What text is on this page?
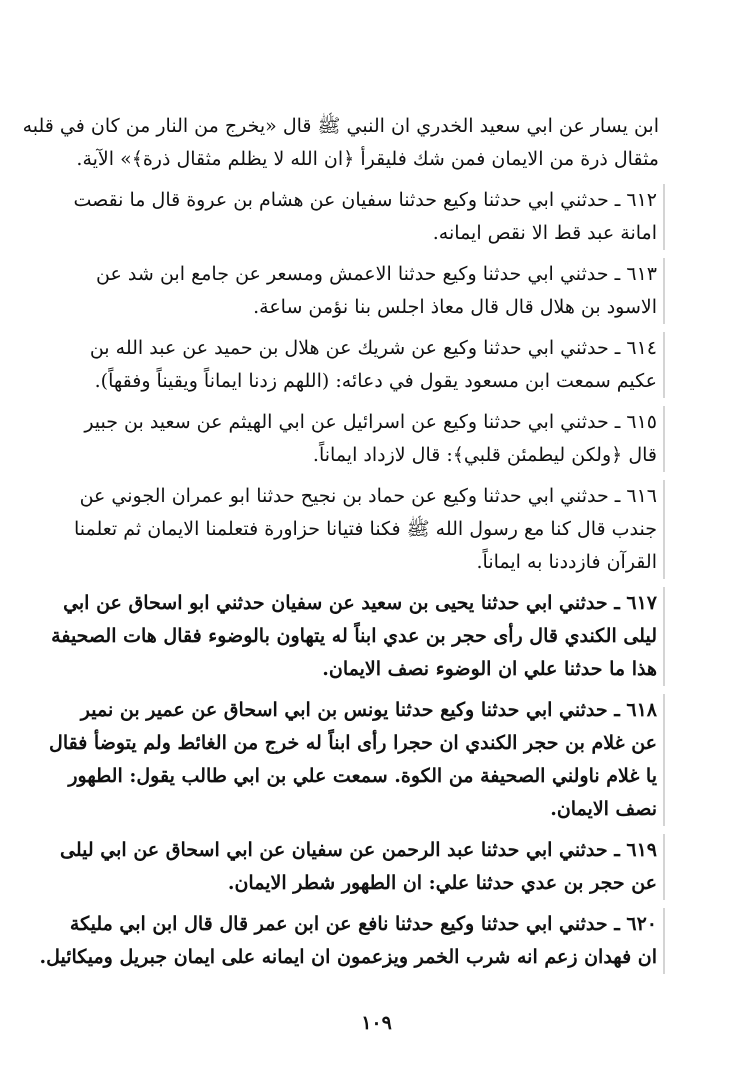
ابن يسار عن ابي سعيد الخدري ان النبي ﷺ قال «يخرج من النار من كان في قلبه
مثقال ذرة من الايمان فمن شك فليقرأ ﴿ان الله لا يظلم مثقال ذرة﴾» الآية.
٦١٢ ـ حدثني ابي حدثنا وكيع حدثنا سفيان عن هشام بن عروة قال ما نقصت
امانة عبد قط الا نقص ايمانه.
٦١٣ ـ حدثني ابي حدثنا وكيع حدثنا الاعمش ومسعر عن جامع ابن شد عن
الاسود بن هلال قال قال معاذ اجلس بنا نؤمن ساعة.
٦١٤ ـ حدثني ابي حدثنا وكيع عن شريك عن هلال بن حميد عن عبد الله بن
عكيم سمعت ابن مسعود يقول في دعائه: (اللهم زدنا ايماناً ويقيناً وفقهاً).
٦١٥ ـ حدثني ابي حدثنا وكيع عن اسرائيل عن ابي الهيثم عن سعيد بن جبير
قال ﴿ولكن ليطمئن قلبي﴾: قال لازداد ايماناً.
٦١٦ ـ حدثني ابي حدثنا وكيع عن حماد بن نجيح حدثنا ابو عمران الجوني عن
جندب قال كنا مع رسول الله ﷺ فكنا فتيانا حزاورة فتعلمنا الايمان ثم تعلمنا
القرآن فازددنا به ايماناً.
٦١٧ ـ حدثني ابي حدثنا يحيى بن سعيد عن سفيان حدثني ابو اسحاق عن ابي
ليلى الكندي قال رأى حجر بن عدي ابناً له يتهاون بالوضوء فقال هات الصحيفة
هذا ما حدثنا علي ان الوضوء نصف الايمان.
٦١٨ ـ حدثني ابي حدثنا وكيع حدثنا يونس بن ابي اسحاق عن عمير بن نمير
عن غلام بن حجر الكندي ان حجرا رأى ابناً له خرج من الغائط ولم يتوضأ فقال
يا غلام ناولني الصحيفة من الكوة. سمعت علي بن ابي طالب يقول: الطهور
نصف الايمان.
٦١٩ ـ حدثني ابي حدثنا عبد الرحمن عن سفيان عن ابي اسحاق عن ابي ليلى
عن حجر بن عدي حدثنا علي: ان الطهور شطر الايمان.
٦٢٠ ـ حدثني ابي حدثنا وكيع حدثنا نافع عن ابن عمر قال قال ابن ابي مليكة
ان فهدان زعم انه شرب الخمر ويزعمون ان ايمانه على ايمان جبريل وميكائيل.
١٠٩
